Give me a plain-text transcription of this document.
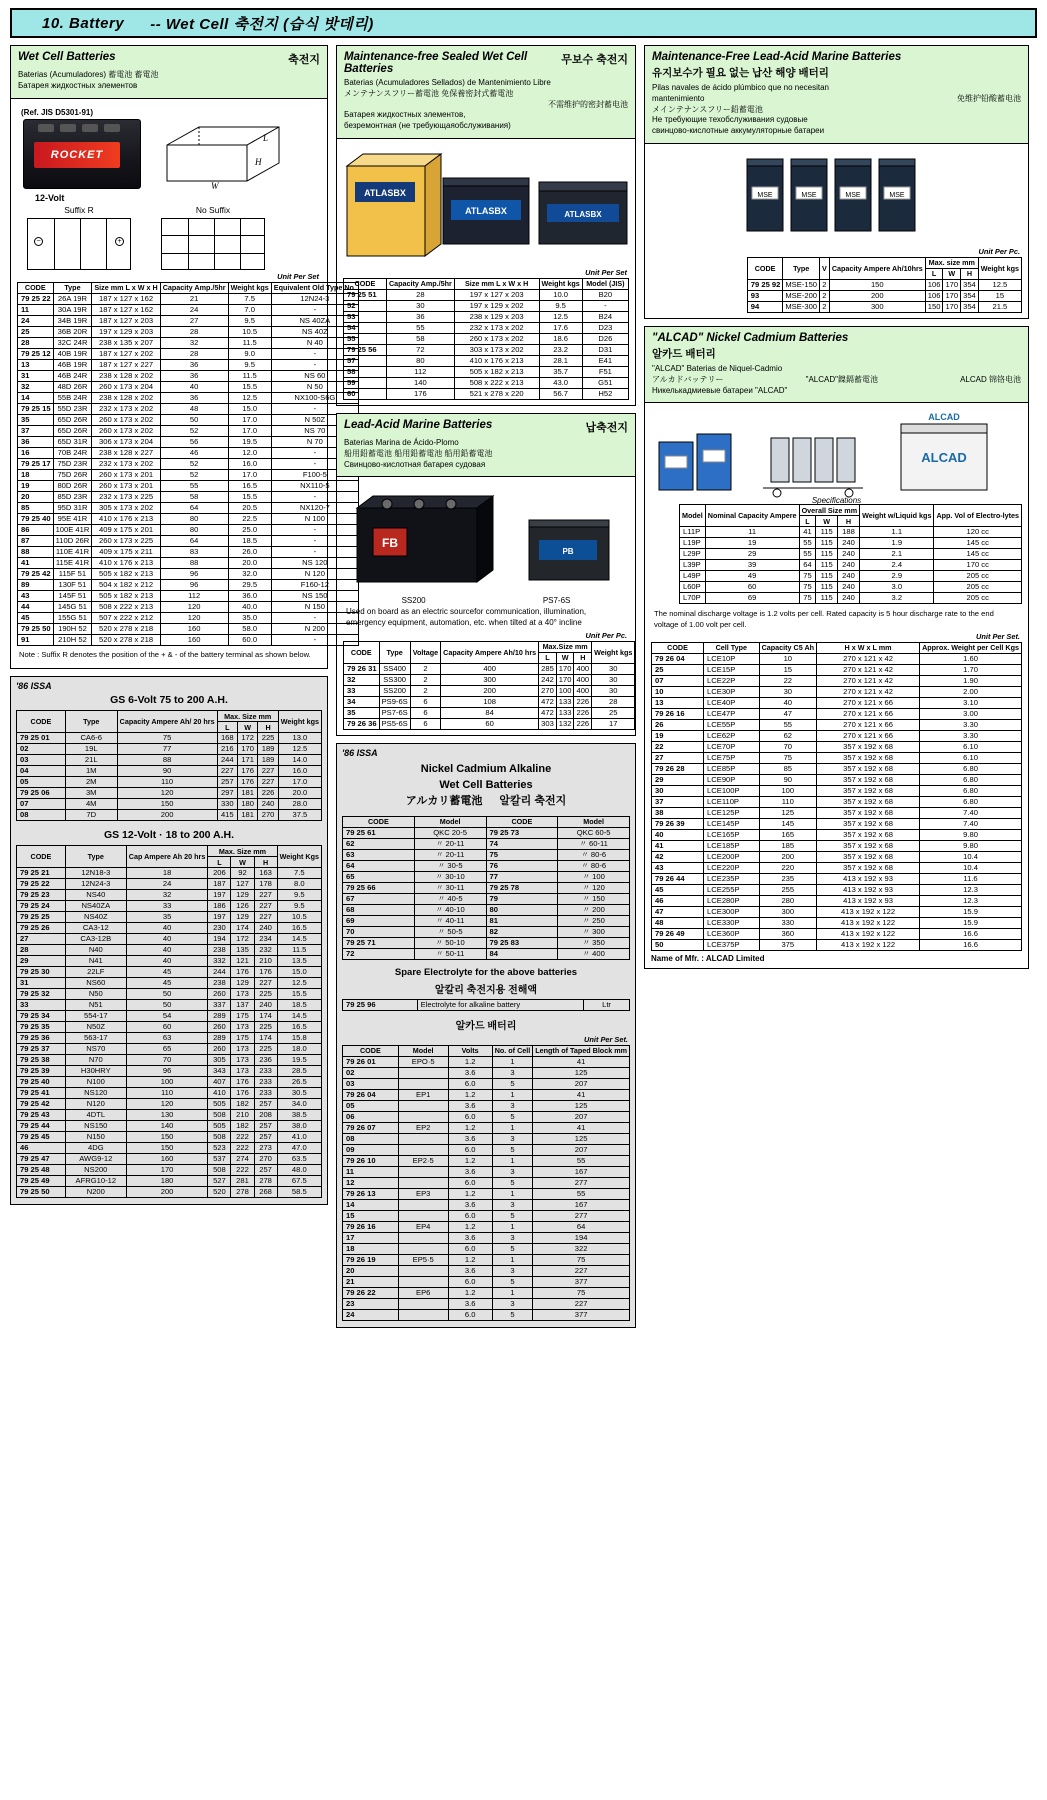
10. Battery -- Wet Cell 축전지 (습식 밧데리)
Wet Cell Batteries	축전지
Baterias (Acumuladores) 蓄電池 蓄電池
Батарея жидкостных элементов
(Ref. JIS D5301-91)
ROCKET
L
H
W
12-Volt
Suffix R
−	+
No Suffix
Unit Per Set
CODE	Type	Size mm L x W x H	Capacity Amp./5hr	Weight kgs	Equivalent Old Type No.
79 25 22	26A 19R	187 x 127 x 162	21	7.5	12N24-3
11	30A 19R	187 x 127 x 162	24	7.0	-
24	34B 19R	187 x 127 x 203	27	9.5	NS 40ZA
25	36B 20R	197 x 129 x 203	28	10.5	NS 40Z
28	32C 24R	238 x 135 x 207	32	11.5	N 40
79 25 12	40B 19R	187 x 127 x 202	28	9.0	-
13	46B 19R	187 x 127 x 227	36	9.5	-
31	46B 24R	238 x 128 x 202	36	11.5	NS 60
32	48D 26R	260 x 173 x 204	40	15.5	N 50
14	55B 24R	238 x 128 x 202	36	12.5	NX100-S6G
79 25 15	55D 23R	232 x 173 x 202	48	15.0	-
35	65D 26R	260 x 173 x 202	50	17.0	N 50Z
37	65D 26R	260 x 173 x 202	52	17.0	NS 70
36	65D 31R	306 x 173 x 204	56	19.5	N 70
16	70B 24R	238 x 128 x 227	46	12.0	-
79 25 17	75D 23R	232 x 173 x 202	52	16.0	-
18	75D 26R	260 x 173 x 201	52	17.0	F100-5
19	80D 26R	260 x 173 x 201	55	16.5	NX110-5
20	85D 23R	232 x 173 x 225	58	15.5	-
85	95D 31R	305 x 173 x 202	64	20.5	NX120-7
79 25 40	95E 41R	410 x 176 x 213	80	22.5	N 100
86	100E 41R	409 x 175 x 201	80	25.0	-
87	110D 26R	260 x 173 x 225	64	18.5	-
88	110E 41R	409 x 175 x 211	83	26.0	-
41	115E 41R	410 x 176 x 213	88	20.0	NS 120
79 25 42	115F 51	505 x 182 x 213	96	32.0	N 120
89	130F 51	504 x 182 x 212	96	29.5	F160-12
43	145F 51	505 x 182 x 213	112	36.0	NS 150
44	145G 51	508 x 222 x 213	120	40.0	N 150
45	155G 51	507 x 222 x 212	120	35.0	-
79 25 50	190H 52	520 x 278 x 218	160	58.0	N 200
91	210H 52	520 x 278 x 218	160	60.0	-
Note : Suffix R denotes the position of the + & - of the battery terminal as shown below.
'86 ISSA
GS 6-Volt 75 to 200 A.H.
CODE	Type	Capacity Ampere Ah/ 20 hrs	Max. Size mm			Weight kgs
			L	W	H	
79 25 01	CA6-6	75	168	172	225	13.0
02	19L	77	216	170	189	12.5
03	21L	88	244	171	189	14.0
04	1M	90	227	176	227	16.0
05	2M	110	257	176	227	17.0
79 25 06	3M	120	297	181	226	20.0
07	4M	150	330	180	240	28.0
08	7D	200	415	181	270	37.5
GS 12-Volt · 18 to 200 A.H.
CODE	Type	Cap Ampere Ah 20 hrs	Max. Size mm			Weight Kgs
			L	W	H	
79 25 21	12N18-3	18	206	92	163	7.5
79 25 22	12N24-3	24	187	127	178	8.0
79 25 23	NS40	32	197	129	227	9.5
79 25 24	NS40ZA	33	186	126	227	9.5
79 25 25	NS40Z	35	197	129	227	10.5
79 25 26	CA3-12	40	230	174	240	16.5
27	CA3-12B	40	194	172	234	14.5
28	N40	40	238	135	232	11.5
29	N41	40	332	121	210	13.5
79 25 30	22LF	45	244	176	176	15.0
31	NS60	45	238	129	227	12.5
79 25 32	N50	50	260	173	225	15.5
33	N51	50	337	137	240	18.5
79 25 34	554-17	54	289	175	174	14.5
79 25 35	N50Z	60	260	173	225	16.5
79 25 36	563-17	63	289	175	174	15.8
79 25 37	NS70	65	260	173	225	18.0
79 25 38	N70	70	305	173	236	19.5
79 25 39	H30HRY	96	343	173	233	28.5
79 25 40	N100	100	407	176	233	26.5
79 25 41	NS120	110	410	176	233	30.5
79 25 42	N120	120	505	182	257	34.0
79 25 43	4DTL	130	508	210	208	38.5
79 25 44	NS150	140	505	182	257	38.0
79 25 45	N150	150	508	222	257	41.0
46	4DG	150	523	222	273	47.0
79 25 47	AWG9-12	160	537	274	270	63.5
79 25 48	NS200	170	508	222	257	48.0
79 25 49	AFRG10-12	180	527	281	278	67.5
79 25 50	N200	200	520	278	268	58.5
Maintenance-free Sealed Wet Cell Batteries
무보수 축전지
Baterias (Acumuladores Sellados) de Mantenimiento Libre
メンテナンスフリー蓄電池 免保養密封式蓄電池
不需维护的密封蓄电池
Батарея жидкостных элементов,
безремонтная (не требующаяобслуживания)
ATLASBX
ATLASBX	ATLASBX
Unit Per Set
CODE	Capacity Amp./5hr	Size mm L x W x H	Weight kgs	Model (JIS)
79 25 51	28	197 x 127 x 203	10.0	B20
52	30	197 x 129 x 202	9.5	-
53	36	238 x 129 x 203	12.5	B24
54	55	232 x 173 x 202	17.6	D23
55	58	260 x 173 x 202	18.6	D26
79 25 56	72	303 x 173 x 202	23.2	D31
57	80	410 x 176 x 213	28.1	E41
58	112	505 x 182 x 213	35.7	F51
59	140	508 x 222 x 213	43.0	G51
60	176	521 x 278 x 220	56.7	H52
Lead-Acid Marine Batteries	납축전지
Baterias Marina de Ácido-Plomo
船用鉛蓄電池 船用鉛蓄電池 船用鉛蓄電池
Свинцово-кислотная батарея судовая
FB
PB
SS200	PS7-6S
Used on board as an electric sourcefor communication, illumination, emergency equipment, automation, etc. when tilted at a 40° incline
Unit Per Pc.
CODE	Type	Voltage	Capacity Ampere Ah/10 hrs	Max.Size mm			Weight kgs
				L	W	H	
79 26 31	SS400	2	400	285	170	400	30
32	SS300	2	300	242	170	400	30
33	SS200	2	200	270	100	400	30
34	PS9-6S	6	108	472	133	226	28
35	PS7-6S	6	84	472	133	226	25
79 26 36	PS5-6S	6	60	303	132	226	17
'86 ISSA
Nickel Cadmium Alkaline
Wet Cell Batteries
アルカリ蓄電池 알칼리 축전지
CODE	Model	CODE	Model
79 25 61	QKC 20-5	79 25 73	QKC 60-5
62	〃 20-11	74	〃 60-11
63	〃 20-11	75	〃 80-6
64	〃 30-5	76	〃 80-6
65	〃 30-10	77	〃 100
79 25 66	〃 30-11	79 25 78	〃 120
67	〃 40-5	79	〃 150
68	〃 40-10	80	〃 200
69	〃 40-11	81	〃 250
70	〃 50-5	82	〃 300
79 25 71	〃 50-10	79 25 83	〃 350
72	〃 50-11	84	〃 400
Spare Electrolyte for the above batteries
알칼리 축전지용 전해액
79 25 96	Electrolyte for alkaline battery	Ltr
알카드 배터리
Unit Per Set.
CODE	Model	Volts	No. of Cell	Length of Taped Block mm
79 26 01	EPO·5	1.2	1	41
02		3.6	3	125
03		6.0	5	207
79 26 04	EP1	1.2	1	41
05		3.6	3	125
06		6.0	5	207
79 26 07	EP2	1.2	1	41
08		3.6	3	125
09		6.0	5	207
79 26 10	EP2·5	1.2	1	55
11		3.6	3	167
12		6.0	5	277
79 26 13	EP3	1.2	1	55
14		3.6	3	167
15		6.0	5	277
79 26 16	EP4	1.2	1	64
17		3.6	3	194
18		6.0	5	322
79 26 19	EP5·5	1.2	1	75
20		3.6	3	227
21		6.0	5	377
79 26 22	EP6	1.2	1	75
23		3.6	3	227
24		6.0	5	377
Maintenance-Free Lead-Acid Marine Batteries
유지보수가 필요 없는 납산 해양 배터리
Pilas navales de ácido plúmbico que no necesitan
mantenimiento	免维护铅酸蓄电池
メインテナンスフリー鉛蓄電池
Не требующие техобслуживания судовые
свинцово-кислотные аккумуляторные батареи
MSE	MSE	MSE	MSE
Unit Per Pc.
CODE	Type	V	Capacity Ampere Ah/10hrs	Max. size mm			Weight kgs
				L	W	H	
79 25 92	MSE-150	2	150	106	170	354	12.5
93	MSE-200	2	200	106	170	354	15
94	MSE-300	2	300	150	170	354	21.5
"ALCAD" Nickel Cadmium Batteries
알카드 배터리
"ALCAD" Baterias de Niquel-Cadmio
アルカドバッテリー	"ALCAD"鎳鎘蓄電池	ALCAD 锦铬电池
Никелькадмиевые батареи "ALCAD"
ALCAD
ALCAD
Specifications
Model	Nominal Capacity Ampere	Overall Size mm			Weight w/Liquid kgs	App. Vol of Electro-lytes
		L	W	H		
L11P	11	41	115	188	1.1	120 cc
L19P	19	55	115	240	1.9	145 cc
L29P	29	55	115	240	2.1	145 cc
L39P	39	64	115	240	2.4	170 cc
L49P	49	75	115	240	2.9	205 cc
L60P	60	75	115	240	3.0	205 cc
L70P	69	75	115	240	3.2	205 cc
The nominal discharge voltage is 1.2 volts per cell. Rated capacity is 5 hour discharge rate to the end voltage of 1.00 volt per cell.
Unit Per Set.
CODE	Cell Type	Capacity C5 Ah	H x W x L mm	Approx. Weight per Cell Kgs
79 26 04	LCE10P	10	270 x 121 x 42	1.60
25	LCE15P	15	270 x 121 x 42	1.70
07	LCE22P	22	270 x 121 x 42	1.90
10	LCE30P	30	270 x 121 x 42	2.00
13	LCE40P	40	270 x 121 x 66	3.10
79 26 16	LCE47P	47	270 x 121 x 66	3.00
26	LCE55P	55	270 x 121 x 66	3.30
19	LCE62P	62	270 x 121 x 66	3.30
22	LCE70P	70	357 x 192 x 68	6.10
27	LCE75P	75	357 x 192 x 68	6.10
79 26 28	LCE85P	85	357 x 192 x 68	6.80
29	LCE90P	90	357 x 192 x 68	6.80
30	LCE100P	100	357 x 192 x 68	6.80
37	LCE110P	110	357 x 192 x 68	6.80
38	LCE125P	125	357 x 192 x 68	7.40
79 26 39	LCE145P	145	357 x 192 x 68	7.40
40	LCE165P	165	357 x 192 x 68	9.80
41	LCE185P	185	357 x 192 x 68	9.80
42	LCE200P	200	357 x 192 x 68	10.4
43	LCE220P	220	357 x 192 x 68	10.4
79 26 44	LCE235P	235	413 x 192 x 93	11.6
45	LCE255P	255	413 x 192 x 93	12.3
46	LCE280P	280	413 x 192 x 93	12.3
47	LCE300P	300	413 x 192 x 122	15.9
48	LCE330P	330	413 x 192 x 122	15.9
79 26 49	LCE360P	360	413 x 192 x 122	16.6
50	LCE375P	375	413 x 192 x 122	16.6
Name of Mfr. : ALCAD Limited
